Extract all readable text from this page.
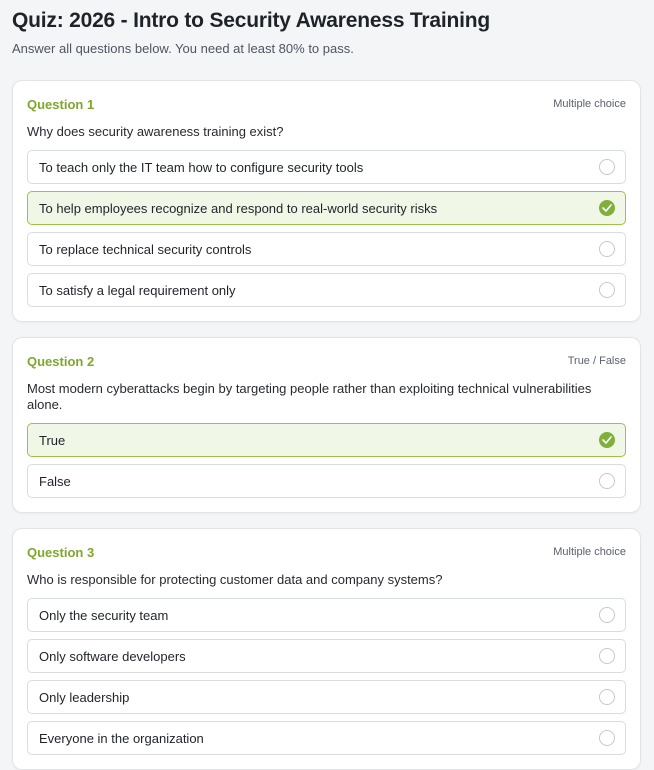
Quiz: 2026 - Intro to Security Awareness Training
Answer all questions below. You need at least 80% to pass.
Question 1	Multiple choice
Why does security awareness training exist?
To teach only the IT team how to configure security tools
To help employees recognize and respond to real-world security risks
To replace technical security controls
To satisfy a legal requirement only
Question 2	True / False
Most modern cyberattacks begin by targeting people rather than exploiting technical vulnerabilities alone.
True
False
Question 3	Multiple choice
Who is responsible for protecting customer data and company systems?
Only the security team
Only software developers
Only leadership
Everyone in the organization
